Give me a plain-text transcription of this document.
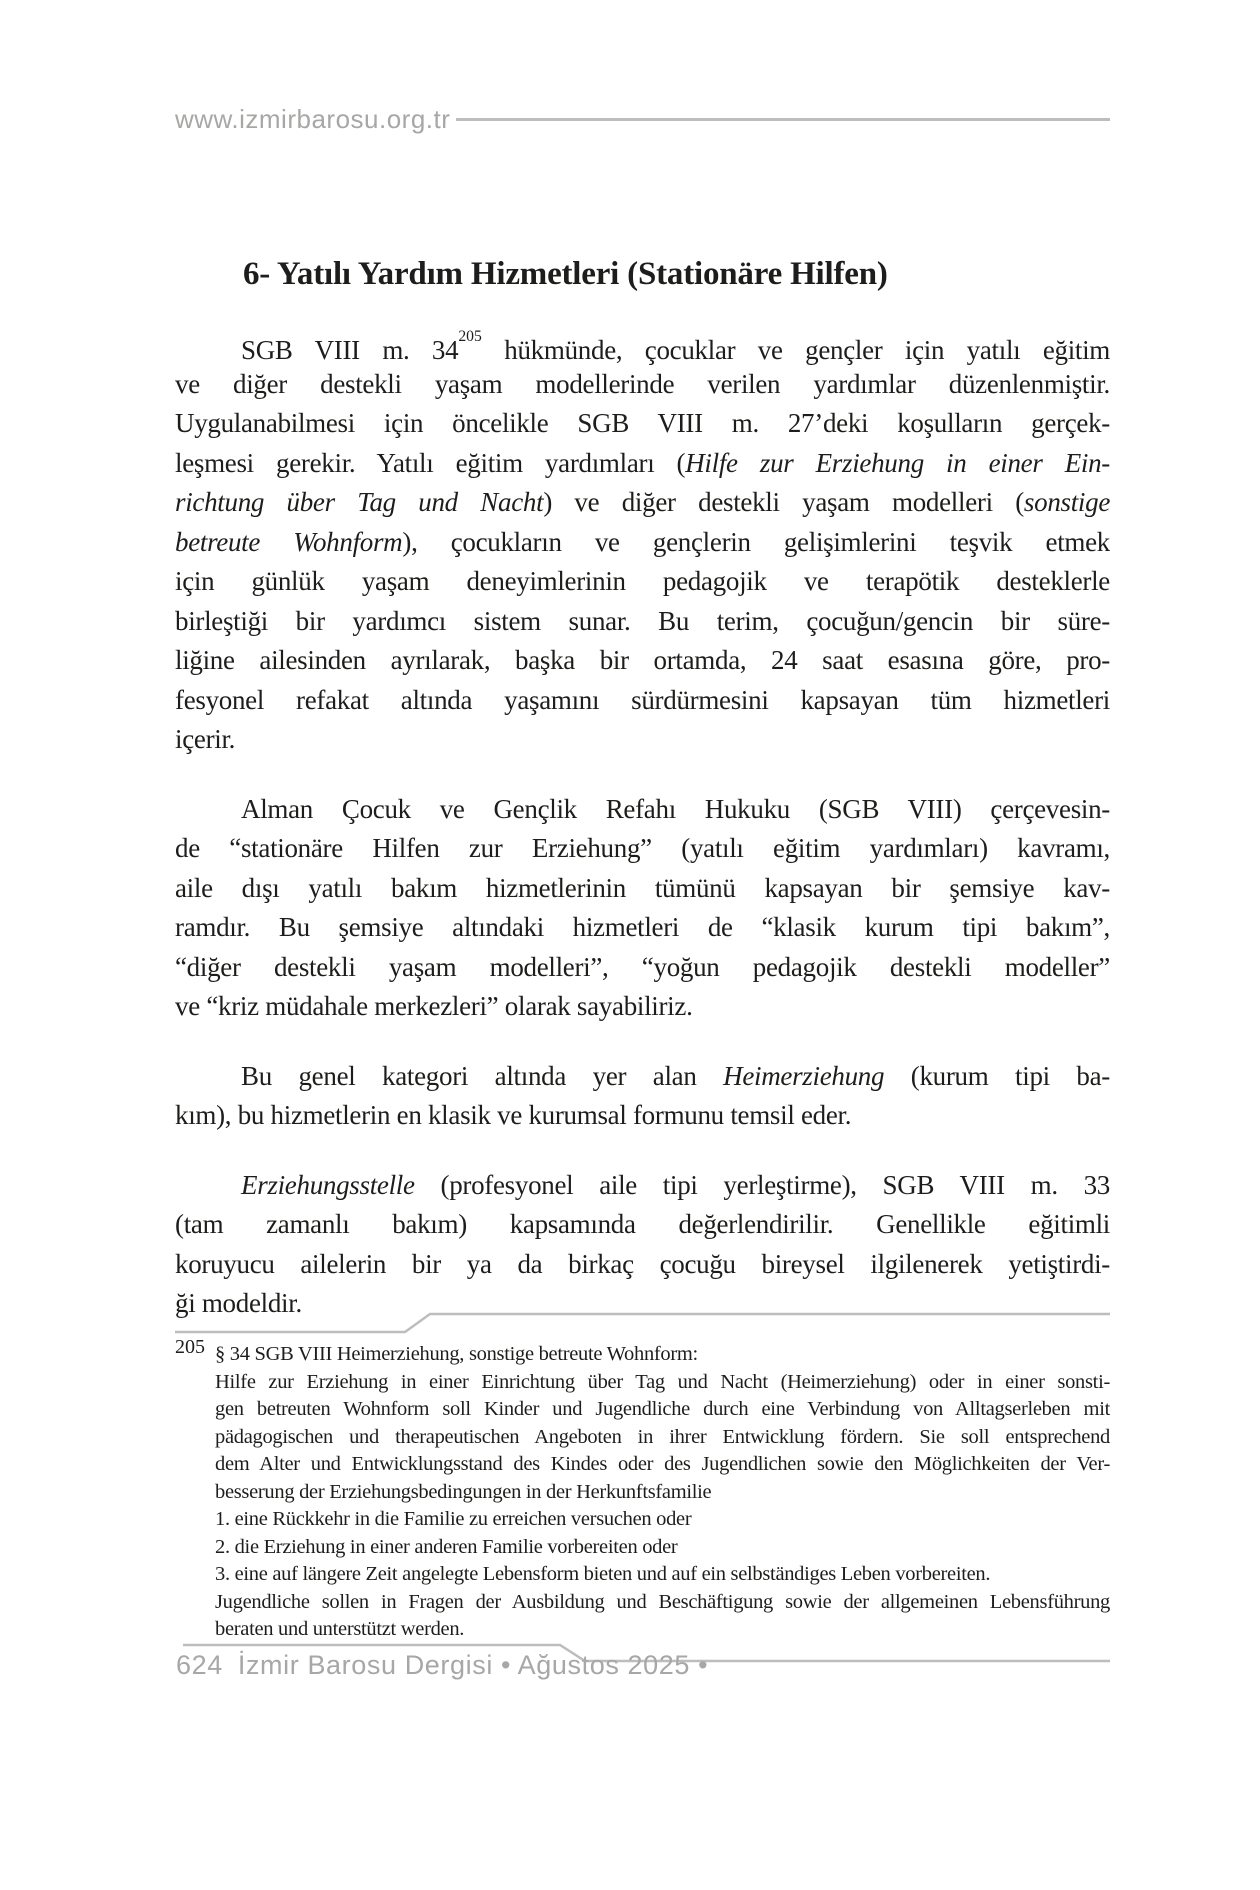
www.izmirbarosu.org.tr
6- Yatılı Yardım Hizmetleri (Stationäre Hilfen)
SGB VIII m. $34^{205}$ hükmünde, çocuklar ve gençler için yatılı eğitim
ve diğer destekli yaşam modellerinde verilen yardımlar düzenlenmiştir.
Uygulanabilmesi için öncelikle SGB VIII m. 27’deki koşulların gerçek-
leşmesi gerekir. Yatılı eğitim yardımları (Hilfe zur Erziehung in einer Ein-
richtung über Tag und Nacht) ve diğer destekli yaşam modelleri (sonstige
betreute Wohnform), çocukların ve gençlerin gelişimlerini teşvik etmek
için günlük yaşam deneyimlerinin pedagojik ve terapötik desteklerle
birleştiği bir yardımcı sistem sunar. Bu terim, çocuğun/gencin bir süre-
liğine ailesinden ayrılarak, başka bir ortamda, 24 saat esasına göre, pro-
fesyonel refakat altında yaşamını sürdürmesini kapsayan tüm hizmetleri
içerir.
Alman Çocuk ve Gençlik Refahı Hukuku (SGB VIII) çerçevesin-
de “stationäre Hilfen zur Erziehung” (yatılı eğitim yardımları) kavramı,
aile dışı yatılı bakım hizmetlerinin tümünü kapsayan bir şemsiye kav-
ramdır. Bu şemsiye altındaki hizmetleri de “klasik kurum tipi bakım”,
“diğer destekli yaşam modelleri”, “yoğun pedagojik destekli modeller”
ve “kriz müdahale merkezleri” olarak sayabiliriz.
Bu genel kategori altında yer alan Heimerziehung (kurum tipi ba-
kım), bu hizmetlerin en klasik ve kurumsal formunu temsil eder.
Erziehungsstelle (profesyonel aile tipi yerleştirme), SGB VIII m. 33
(tam zamanlı bakım) kapsamında değerlendirilir. Genellikle eğitimli
koruyucu ailelerin bir ya da birkaç çocuğu bireysel ilgilenerek yetiştirdi-
ği modeldir.
205 § 34 SGB VIII Heimerziehung, sonstige betreute Wohnform:
Hilfe zur Erziehung in einer Einrichtung über Tag und Nacht (Heimerziehung) oder in einer sonsti-
gen betreuten Wohnform soll Kinder und Jugendliche durch eine Verbindung von Alltagserleben mit
pädagogischen und therapeutischen Angeboten in ihrer Entwicklung fördern. Sie soll entsprechend
dem Alter und Entwicklungsstand des Kindes oder des Jugendlichen sowie den Möglichkeiten der Ver-
besserung der Erziehungsbedingungen in der Herkunftsfamilie
1. eine Rückkehr in die Familie zu erreichen versuchen oder
2. die Erziehung in einer anderen Familie vorbereiten oder
3. eine auf längere Zeit angelegte Lebensform bieten und auf ein selbständiges Leben vorbereiten.
Jugendliche sollen in Fragen der Ausbildung und Beschäftigung sowie der allgemeinen Lebensführung
beraten und unterstützt werden.
624 İzmir Barosu Dergisi • Ağustos 2025 •
